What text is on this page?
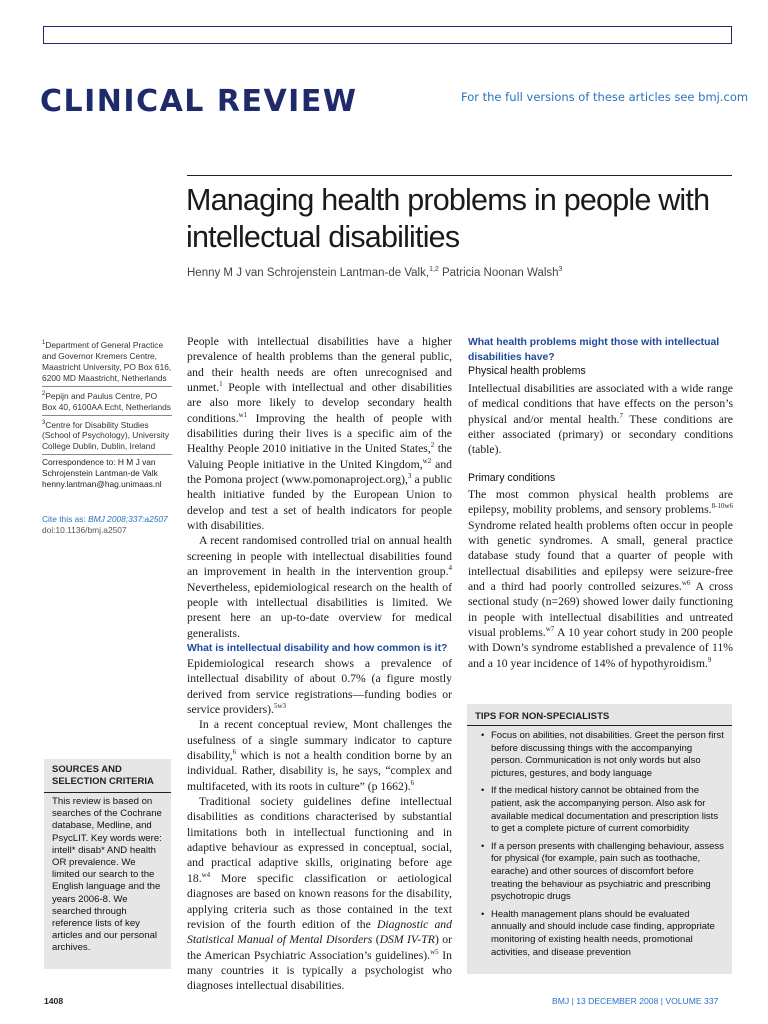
CLINICAL REVIEW	For the full versions of these articles see bmj.com
Managing health problems in people with intellectual disabilities
Henny M J van Schrojenstein Lantman-de Valk,$^{1,2}$ Patricia Noonan Walsh$^3$
$^1$Department of General Practice and Governor Kremers Centre, Maastricht University, PO Box 616, 6200 MD Maastricht, Netherlands
$^2$Pepijn and Paulus Centre, PO Box 40, 6100AA Echt, Netherlands
$^3$Centre for Disability Studies (School of Psychology), University College Dublin, Dublin, Ireland
Correspondence to: H M J van Schrojenstein Lantman-de Valk henny.lantman@hag.unimaas.nl
Cite this as: BMJ 2008;337:a2507
doi:10.1136/bmj.a2507
SOURCES AND SELECTION CRITERIA
This review is based on searches of the Cochrane database, Medline, and PsycLIT. Key words were: intell* disab* AND health OR prevalence. We limited our search to the English language and the years 2006-8. We searched through reference lists of key articles and our personal archives.

People with intellectual disabilities have a higher prevalence of health problems than the general public, and their health needs are often unrecognised and unmet.$^1$ People with intellectual and other disabilities are also more likely to develop secondary health conditions.$^{w1}$ Improving the health of people with disabilities during their lives is a specific aim of the Healthy People 2010 initiative in the United States,$^2$ the Valuing People initiative in the United Kingdom,$^{w2}$ and the Pomona project (www.pomonaproject.org),$^3$ a public health initiative funded by the European Union to develop and test a set of health indicators for people with disabilities.

A recent randomised controlled trial on annual health screening in people with intellectual disabilities found an improvement in health in the intervention group.$^4$ Nevertheless, epidemiological research on the health of people with intellectual disabilities is limited. We present here an up-to-date overview for medical generalists.

What is intellectual disability and how common is it?

Epidemiological research shows a prevalence of intellectual disability of about 0.7% (a figure mostly derived from service registrations—funding bodies or service providers).$^{5w3}$

In a recent conceptual review, Mont challenges the usefulness of a single summary indicator to capture disability,$^6$ which is not a health condition borne by an individual. Rather, disability is, he says, “complex and multifaceted, with its roots in culture” (p 1662).$^6$

Traditional society guidelines define intellectual disabilities as conditions characterised by substantial limitations both in intellectual functioning and in adaptive behaviour as expressed in conceptual, social, and practical adaptive skills, originating before age 18.$^{w4}$ More specific classification or aetiological diagnoses are based on known reasons for the disability, applying criteria such as those contained in the text revision of the fourth edition of the Diagnostic and Statistical Manual of Mental Disorders (DSM IV-TR) or the American Psychiatric Association’s guidelines).$^{w5}$ In many countries it is typically a psychologist who diagnoses intellectual disabilities.

What health problems might those with intellectual disabilities have?
Physical health problems

Intellectual disabilities are associated with a wide range of medical conditions that have effects on the person’s physical and/or mental health.$^7$ These conditions are either associated (primary) or secondary conditions (table).

Primary conditions

The most common physical health problems are epilepsy, mobility problems, and sensory problems.$^{8-10w6}$ Syndrome related health problems often occur in people with genetic syndromes. A small, general practice database study found that a quarter of people with intellectual disabilities and epilepsy were seizure-free and a third had poorly controlled seizures.$^{w6}$ A cross sectional study (n=269) showed lower daily functioning in people with intellectual disabilities and untreated visual problems.$^{w7}$ A 10 year cohort study in 200 people with Down’s syndrome established a prevalence of 11% and a 10 year incidence of 14% of hypothyroidism.$^9$

TIPS FOR NON-SPECIALISTS
• Focus on abilities, not disabilities. Greet the person first before discussing things with the accompanying person. Communication is not only words but also pictures, gestures, and body language
• If the medical history cannot be obtained from the patient, ask the accompanying person. Also ask for available medical documentation and prescription lists to get a complete picture of current comorbidity
• If a person presents with challenging behaviour, assess for physical (for example, pain such as toothache, earache) and other sources of discomfort before treating the behaviour as psychiatric and prescribing psychotropic drugs
• Health management plans should be evaluated annually and should include case finding, appropriate monitoring of existing health needs, promotional activities, and disease prevention
1408	BMJ | 13 DECEMBER 2008 | VOLUME 337
